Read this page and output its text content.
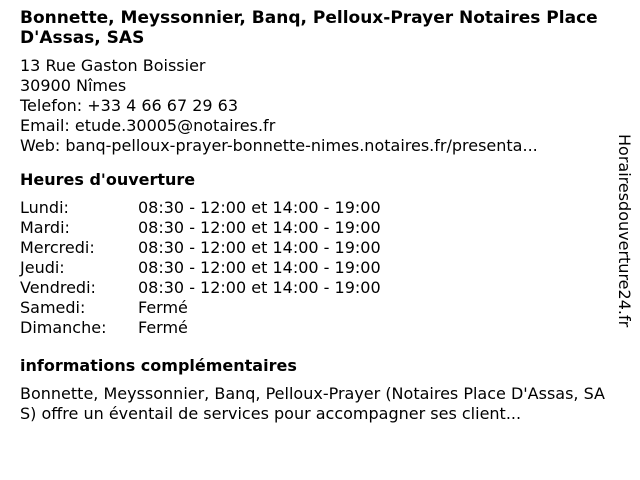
Bonnette, Meyssonnier, Banq, Pelloux-Prayer Notaires Place D'Assas, SAS
13 Rue Gaston Boissier
30900 Nîmes
Telefon: +33 4 66 67 29 63
Email: etude.30005@notaires.fr
Web: banq-pelloux-prayer-bonnette-nimes.notaires.fr/presenta...
Heures d'ouverture
Lundi:	08:30 - 12:00 et 14:00 - 19:00
Mardi:	08:30 - 12:00 et 14:00 - 19:00
Mercredi:	08:30 - 12:00 et 14:00 - 19:00
Jeudi:	08:30 - 12:00 et 14:00 - 19:00
Vendredi:	08:30 - 12:00 et 14:00 - 19:00
Samedi:	Fermé
Dimanche:	Fermé
informations complémentaires
Bonnette, Meyssonnier, Banq, Pelloux-Prayer (Notaires Place D'Assas, SAS) offre un éventail de services pour accompagner ses client...
Horairesdouverture24.fr
